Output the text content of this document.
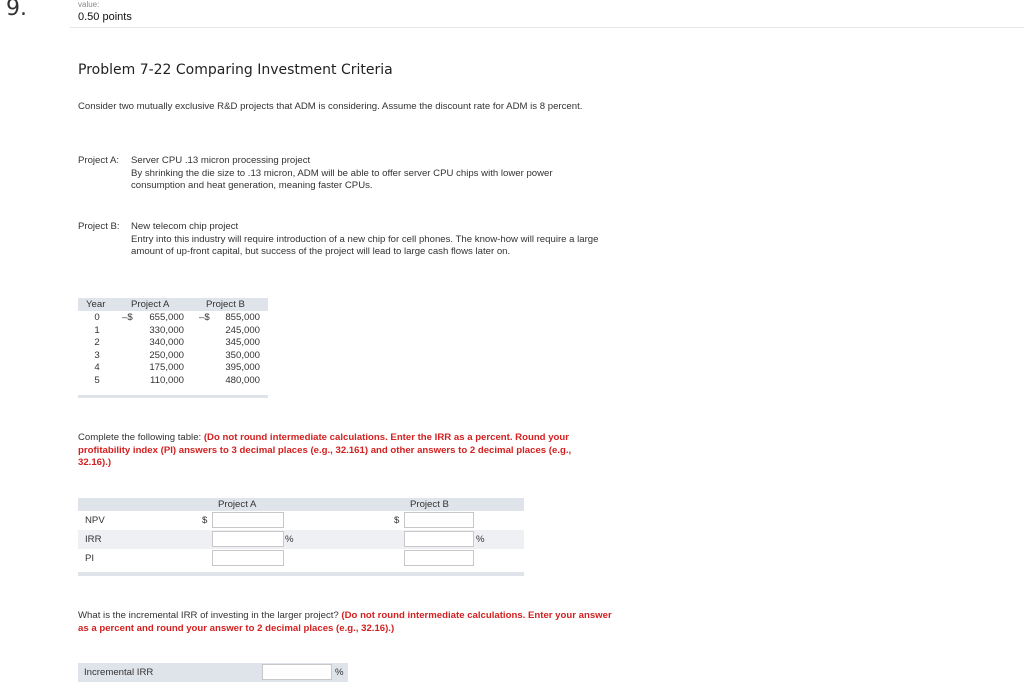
9.	value:
0.50 points
Problem 7-22 Comparing Investment Criteria
Consider two mutually exclusive R&D projects that ADM is considering. Assume the discount rate for ADM is 8 percent.
Project A: Server CPU .13 micron processing project
By shrinking the die size to .13 micron, ADM will be able to offer server CPU chips with lower power consumption and heat generation, meaning faster CPUs.
Project B: New telecom chip project
Entry into this industry will require introduction of a new chip for cell phones. The know-how will require a large amount of up-front capital, but success of the project will lead to large cash flows later on.
Year	Project A	Project B
0	–$	655,000 –$	855,000
1	330,000	245,000
2	340,000	345,000
3	250,000	350,000
4	175,000	395,000
5	110,000	480,000
Complete the following table: (Do not round intermediate calculations. Enter the IRR as a percent. Round your profitability index (PI) answers to 3 decimal places (e.g., 32.161) and other answers to 2 decimal places (e.g., 32.16).)
Project A	Project B
NPV	$	$
IRR	%	%
PI
What is the incremental IRR of investing in the larger project? (Do not round intermediate calculations. Enter your answer as a percent and round your answer to 2 decimal places (e.g., 32.16).)
Incremental IRR	%
